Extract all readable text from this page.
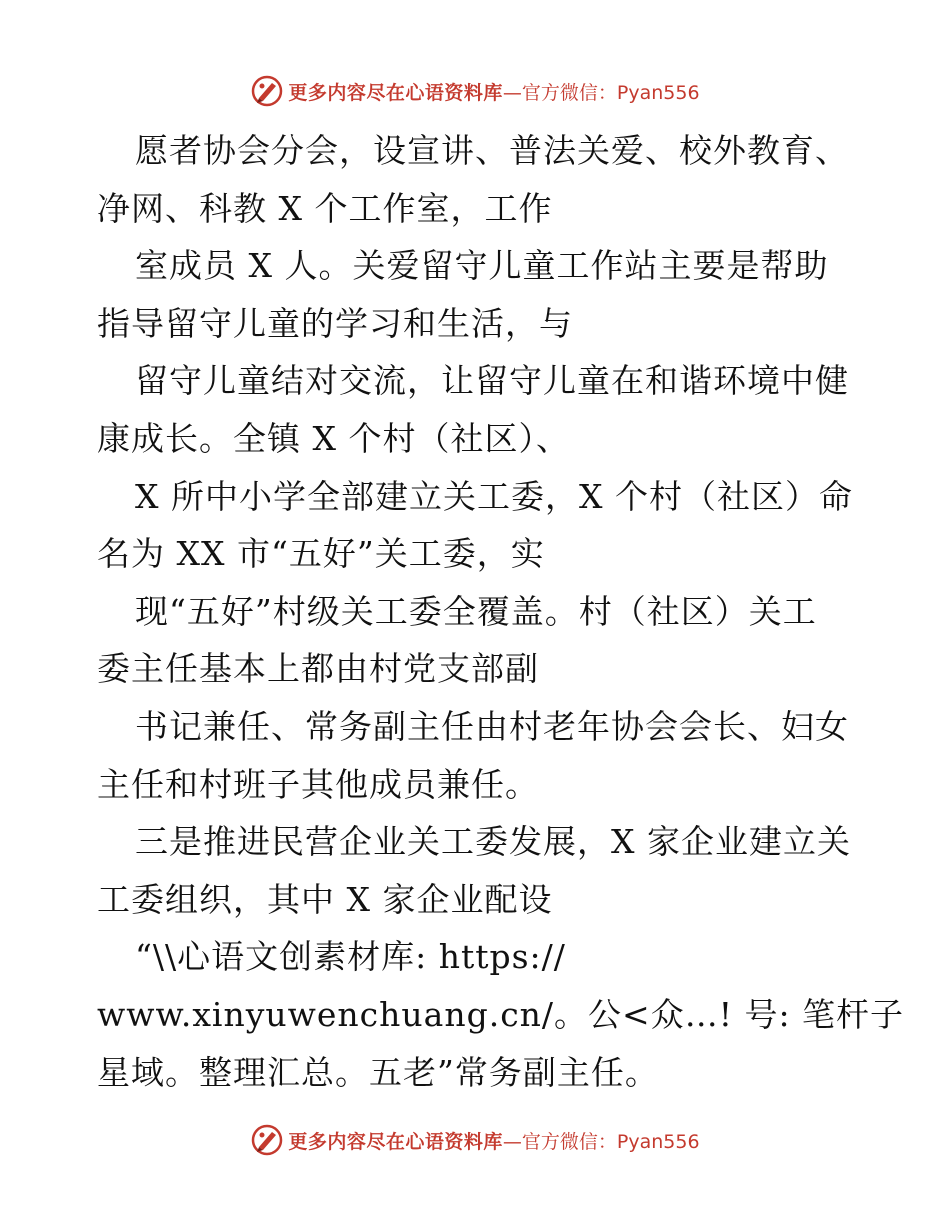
更多内容尽在心语资料库 —官方微信：Pyan556
愿者协会分会，设宣讲、普法关爱、校外教育、
净网、科教 X 个工作室，工作
室成员 X 人。关爱留守儿童工作站主要是帮助
指导留守儿童的学习和生活，与
留守儿童结对交流，让留守儿童在和谐环境中健
康成长。全镇 X 个村（社区）、
X 所中小学全部建立关工委，X 个村（社区）命
名为 XX 市“五好”关工委，实
现“五好”村级关工委全覆盖。村（社区）关工
委主任基本上都由村党支部副
书记兼任、常务副主任由村老年协会会长、妇女
主任和村班子其他成员兼任。
三是推进民营企业关工委发展，X 家企业建立关
工委组织，其中 X 家企业配设
“\\心语文创素材库: https://
www.xinyuwenchuang.cn/。公<众…! 号: 笔杆子
星域。整理汇总。五老”常务副主任。
更多内容尽在心语资料库 —官方微信：Pyan556
